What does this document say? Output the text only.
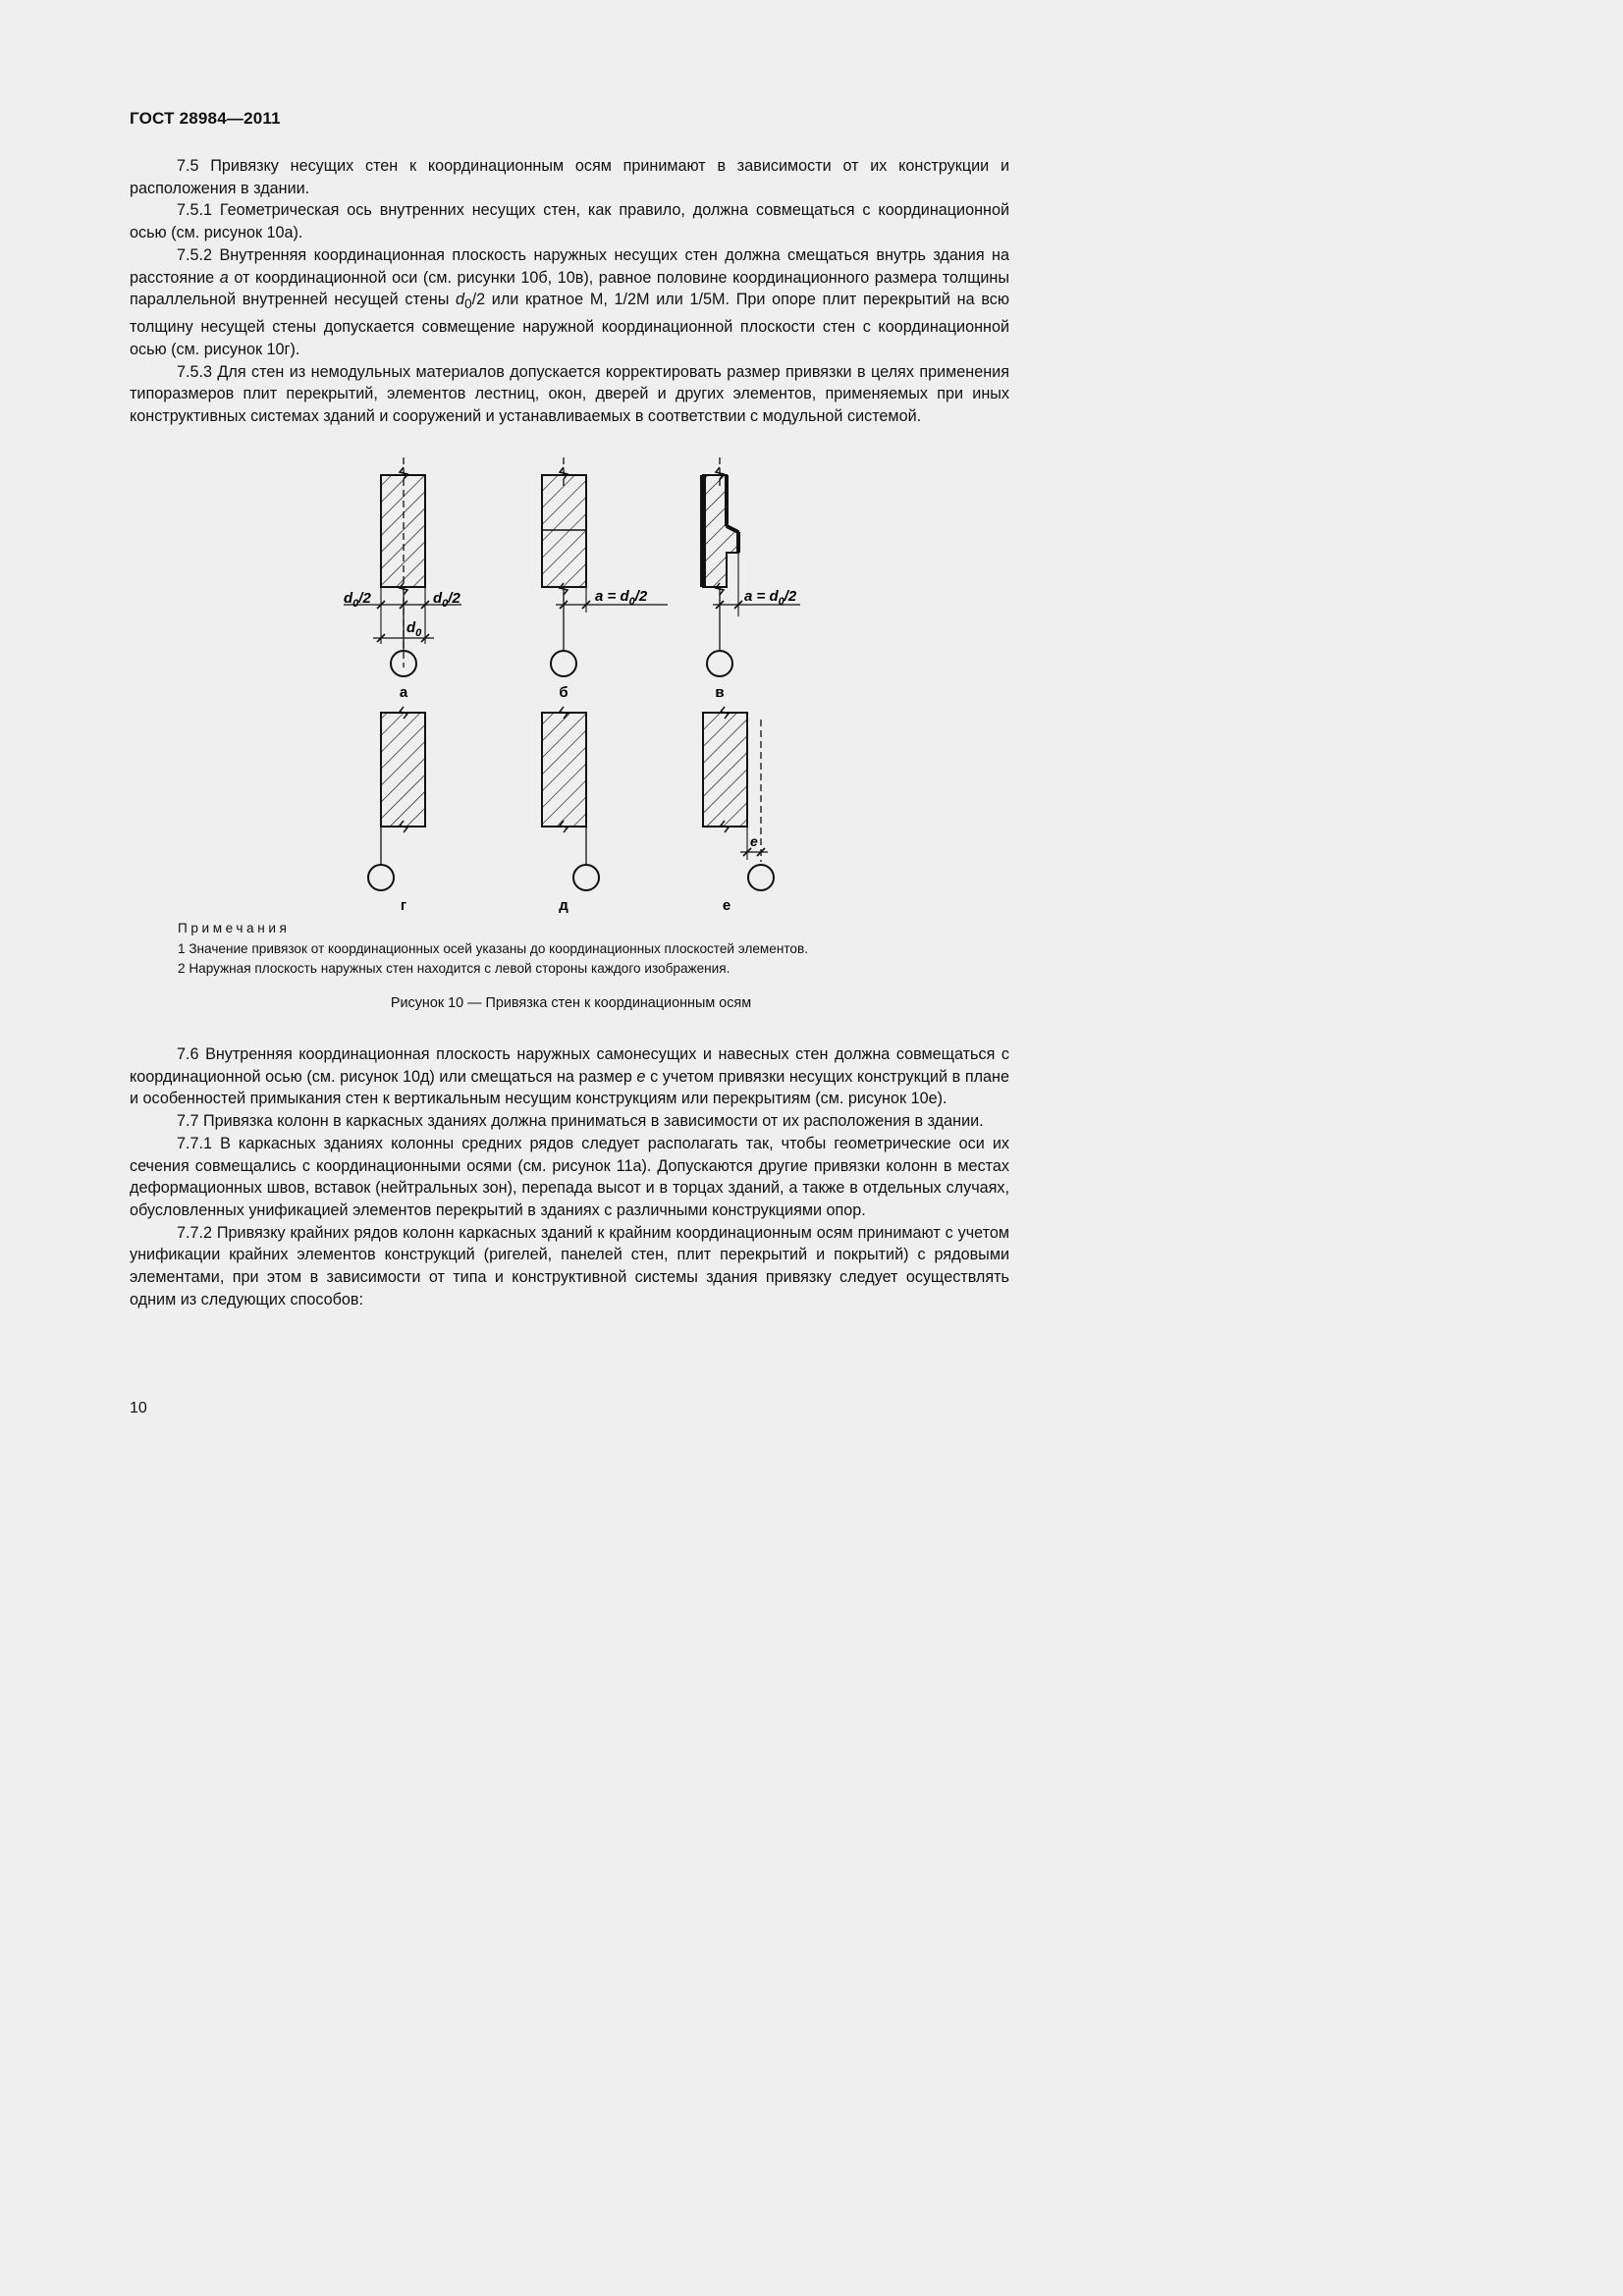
ГОСТ 28984—2011

7.5 Привязку несущих стен к координационным осям принимают в зависимости от их конструкции и расположения в здании.

7.5.1 Геометрическая ось внутренних несущих стен, как правило, должна совмещаться с координационной осью (см. рисунок 10а).

7.5.2 Внутренняя координационная плоскость наружных несущих стен должна смещаться внутрь здания на расстояние а от координационной оси (см. рисунки 10б, 10в), равное половине координационного размера толщины параллельной внутренней несущей стены $d_0/2$ или кратное М, 1/2М или 1/5М. При опоре плит перекрытий на всю толщину несущей стены допускается совмещение наружной координационной плоскости стен с координационной осью (см. рисунок 10г).

7.5.3 Для стен из немодульных материалов допускается корректировать размер привязки в целях применения типоразмеров плит перекрытий, элементов лестниц, окон, дверей и других элементов, применяемых при иных конструктивных системах зданий и сооружений и устанавливаемых в соответствии с модульной системой.

$d_0/2$	$d_0/2$
$d_0$
а
$a = d_0/2$
б
$a = d_0/2$
в
г	д
e
е
Примечания
1 Значение привязок от координационных осей указаны до координационных плоскостей элементов.
2 Наружная плоскость наружных стен находится с левой стороны каждого изображения.
Рисунок 10 — Привязка стен к координационным осям

7.6 Внутренняя координационная плоскость наружных самонесущих и навесных стен должна совмещаться с координационной осью (см. рисунок 10д) или смещаться на размер е с учетом привязки несущих конструкций в плане и особенностей примыкания стен к вертикальным несущим конструкциям или перекрытиям (см. рисунок 10е).

7.7 Привязка колонн в каркасных зданиях должна приниматься в зависимости от их расположения в здании.

7.7.1 В каркасных зданиях колонны средних рядов следует располагать так, чтобы геометрические оси их сечения совмещались с координационными осями (см. рисунок 11а). Допускаются другие привязки колонн в местах деформационных швов, вставок (нейтральных зон), перепада высот и в торцах зданий, а также в отдельных случаях, обусловленных унификацией элементов перекрытий в зданиях с различными конструкциями опор.

7.7.2 Привязку крайних рядов колонн каркасных зданий к крайним координационным осям принимают с учетом унификации крайних элементов конструкций (ригелей, панелей стен, плит перекрытий и покрытий) с рядовыми элементами, при этом в зависимости от типа и конструктивной системы здания привязку следует осуществлять одним из следующих способов:

10
